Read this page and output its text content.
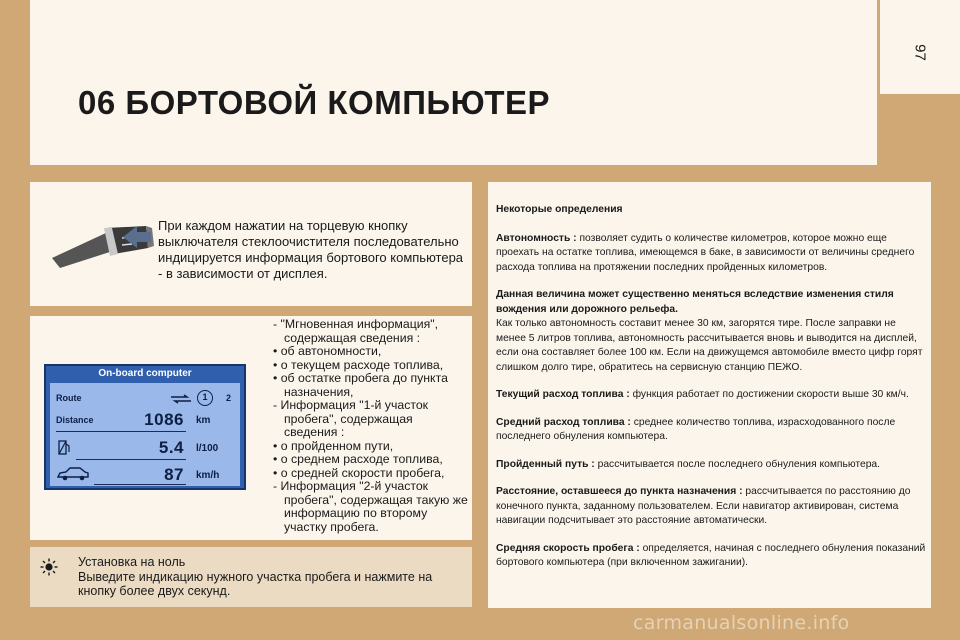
97
06 БОРТОВОЙ КОМПЬЮТЕР
При каждом нажатии на торцевую кнопку выключателя стеклоочистителя последовательно индицируется информация бортового компьютера - в зависимости от дисплея.
On-board computer
Route	1	2
Distance	1086 km
5.4 l/100
87 km/h
- "Мгновенная информация", содержащая сведения :
• об автономности,
• о текущем расходе топлива,
• об остатке пробега до пункта назначения,
- Информация "1-й участок пробега", содержащая сведения :
• о пройденном пути,
• о среднем расходе топлива,
• о средней скорости пробега,
- Информация "2-й участок пробега", содержащая такую же информацию по второму участку пробега.
Установка на ноль
Выведите индикацию нужного участка пробега и нажмите на кнопку более двух секунд.
Некоторые определения

Автономность : позволяет судить о количестве километров, которое можно еще проехать на остатке топлива, имеющемся в баке, в зависимости от величины среднего расхода топлива на протяжении последних пройденных километров.

Данная величина может существенно меняться вследствие изменения стиля вождения или дорожного рельефа.
Как только автономность составит менее 30 км, загорятся тире. После заправки не менее 5 литров топлива, автономность рассчитывается вновь и выводится на дисплей, если она составляет более 100 км. Если на движущемся автомобиле вместо цифр горят слишком долго тире, обратитесь на сервисную станцию ПЕЖО.

Текущий расход топлива : функция работает по достижении скорости выше 30 км/ч.

Средний расход топлива : среднее количество топлива, израсходованного после последнего обнуления компьютера.

Пройденный путь : рассчитывается после последнего обнуления компьютера.

Расстояние, оставшееся до пункта назначения : рассчитывается по расстоянию до конечного пункта, заданному пользователем. Если навигатор активирован, система навигации подсчитывает это расстояние автоматически.

Средняя скорость пробега : определяется, начиная с последнего обнуления показаний бортового компьютера (при включенном зажигании).

carmanualsonline.info
